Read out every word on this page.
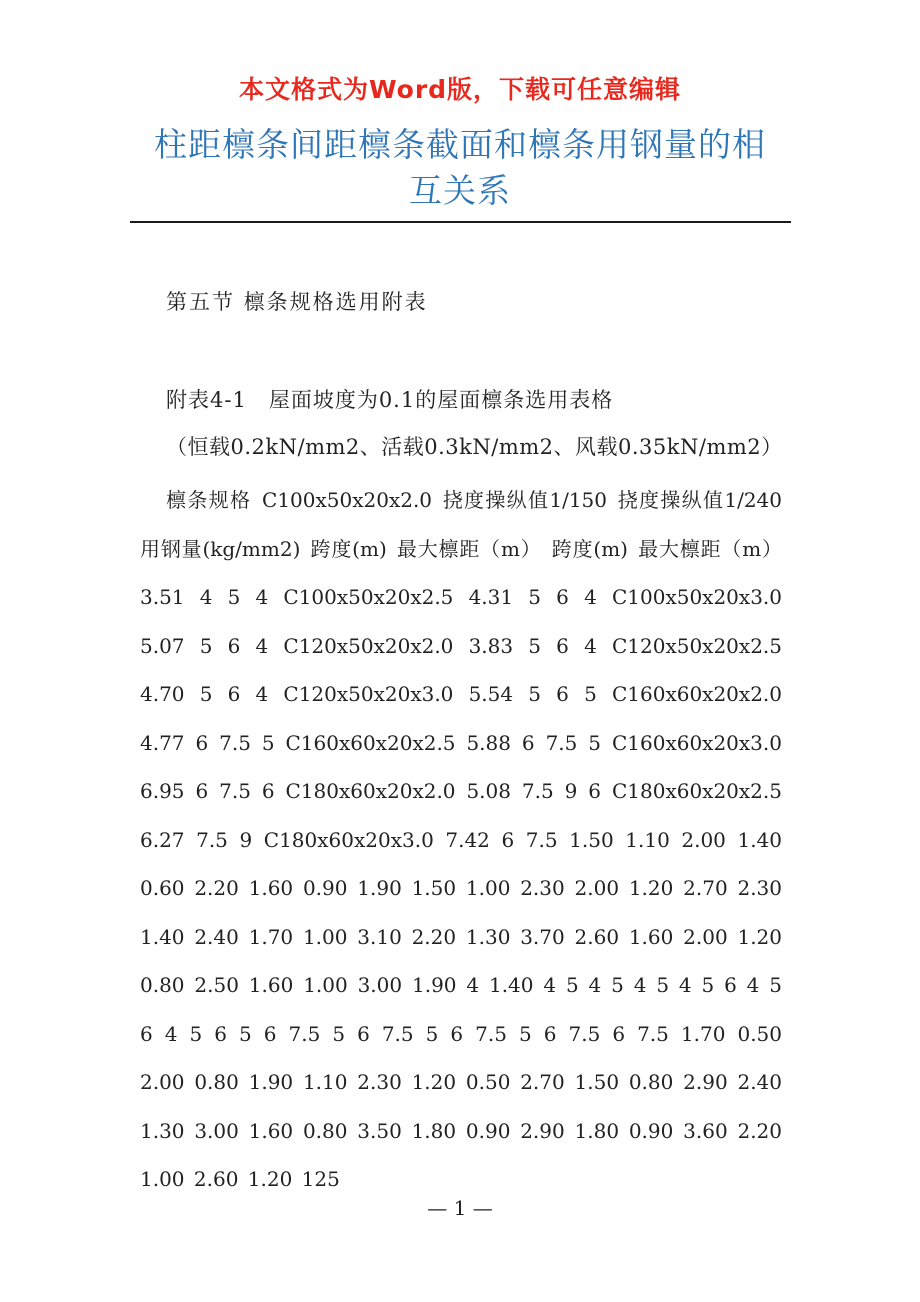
本文格式为Word版，下载可任意编辑
柱距檩条间距檩条截面和檩条用钢量的相
互关系
第五节 檩条规格选用附表
附表4-1　屋面坡度为0.1的屋面檩条选用表格
（恒载0.2kN/mm2、活载0.3kN/mm2、风载0.35kN/mm2）
檩条规格 C100x50x20x2.0 挠度操纵值1/150 挠度操纵值1/240 用钢量(kg/mm2) 跨度(m) 最大檩距（m） 跨度(m) 最大檩距（m） 3.51 4 5 4 C100x50x20x2.5 4.31 5 6 4 C100x50x20x3.0 5.07 5 6 4 C120x50x20x2.0 3.83 5 6 4 C120x50x20x2.5 4.70 5 6 4 C120x50x20x3.0 5.54 5 6 5 C160x60x20x2.0 4.77 6 7.5 5 C160x60x20x2.5 5.88 6 7.5 5 C160x60x20x3.0 6.95 6 7.5 6 C180x60x20x2.0 5.08 7.5 9 6 C180x60x20x2.5 6.27 7.5 9 C180x60x20x3.0 7.42 6 7.5 1.50 1.10 2.00 1.40 0.60 2.20 1.60 0.90 1.90 1.50 1.00 2.30 2.00 1.20 2.70 2.30 1.40 2.40 1.70 1.00 3.10 2.20 1.30 3.70 2.60 1.60 2.00 1.20 0.80 2.50 1.60 1.00 3.00 1.90 4 1.40 4 5 4 5 4 5 4 5 6 4 5 6 4 5 6 5 6 7.5 5 6 7.5 5 6 7.5 5 6 7.5 6 7.5 1.70 0.50 2.00 0.80 1.90 1.10 2.30 1.20 0.50 2.70 1.50 0.80 2.90 2.40 1.30 3.00 1.60 0.80 3.50 1.80 0.90 2.90 1.80 0.90 3.60 2.20 1.00 2.60 1.20 125
— 1 —
